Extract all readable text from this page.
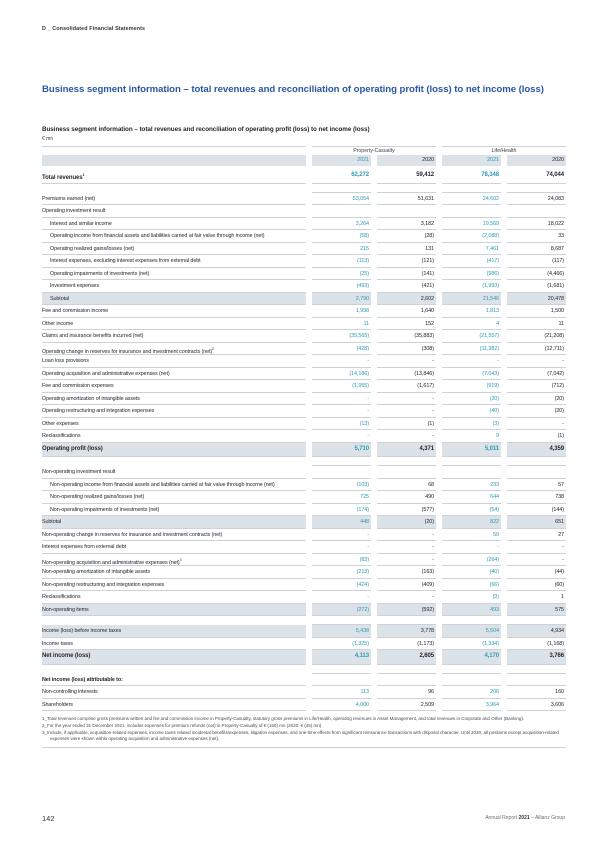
D _ Consolidated Financial Statements
Business segment information – total revenues and reconciliation of operating profit (loss) to net income (loss)
Business segment information – total revenues and reconciliation of operating profit (loss) to net income (loss)
€ mn
Property-Casualty	Life/Health
2021	2020	2021	2020
Total revenues$^1$	62,272	59,412	78,348	74,044
Premiums earned (net)	53,054	51,631	24,602	24,083
Operating investment result
Interest and similar income	3,264	3,182	19,569	18,022
Operating income from financial assets and liabilities carried at fair value through income (net)	(58)	(28)	(2,088)	33
Operating realized gains/losses (net)	215	131	7,461	8,687
Interest expenses, excluding interest expenses from external debt	(113)	(121)	(417)	(117)
Operating impairments of investments (net)	(25)	(141)	(986)	(4,466)
Investment expenses	(493)	(421)	(1,993)	(1,681)
Subtotal	2,790	2,602	21,546	20,478
Fee and commission income	1,998	1,640	1,813	1,500
Other income	11	152	4	11
Claims and insurance benefits incurred (net)	(35,565)	(35,883)	(21,557)	(21,208)
Operating change in reserves for insurance and investment contracts (net)$^2$	(428)	(308)	(11,382)	(12,711)
Loan loss provisions	-	-	-	-
Operating acquisition and administrative expenses (net)	(14,186)	(13,846)	(7,043)	(7,042)
Fee and commission expenses	(1,955)	(1,617)	(919)	(712)
Operating amortization of intangible assets	-	-	(20)	(20)
Operating restructuring and integration expenses	-	-	(40)	(20)
Other expenses	(13)	(1)	(3)	-
Reclassifications	-	-	9	(1)
Operating profit (loss)	5,710	4,371	5,011	4,359
Non-operating investment result
Non-operating income from financial assets and liabilities carried at fair value through income (net)	(103)	68	233	57
Non-operating realized gains/losses (net)	725	490	644	738
Non-operating impairments of investments (net)	(174)	(577)	(54)	(144)
Subtotal	448	(20)	822	651
Non-operating change in reserves for insurance and investment contracts (net)	-	-	50	27
Interest expenses from external debt	-	-	-	-
Non-operating acquisition and administrative expenses (net)$^3$	(83)	-	(264)	-
Non-operating amortization of intangible assets	(213)	(163)	(40)	(44)
Non-operating restructuring and integration expenses	(424)	(409)	(66)	(60)
Reclassifications	-	-	(9)	1
Non-operating items	(272)	(592)	493	575
Income (loss) before income taxes	5,438	3,778	5,504	4,934
Income taxes	(1,325)	(1,173)	(1,334)	(1,168)
Net income (loss)	4,113	2,605	4,170	3,766
Net income (loss) attributable to:
Non-controlling interests	113	96	206	160
Shareholders	4,000	2,509	3,964	3,606
1_Total revenues comprise gross premiums written and fee and commission income in Property-Casualty, statutory gross premiums in Life/Health, operating revenues in Asset Management, and total revenues in Corporate and Other (Banking).
2_For the year ended 31 December 2021, includes expenses for premium refunds (net) in Property-Casualty of € (150) mn (2020: € (45) mn).
3_Include, if applicable, acquisition-related expenses, income taxes related incidental benefits/expenses, litigation expenses, and one-time effects from significant reinsurance transactions with disposal character. Until 2020, all positions except acquisition-related expenses were shown within operating acquisition and administrative expenses (net).
142	Annual Report 2021 – Allianz Group
